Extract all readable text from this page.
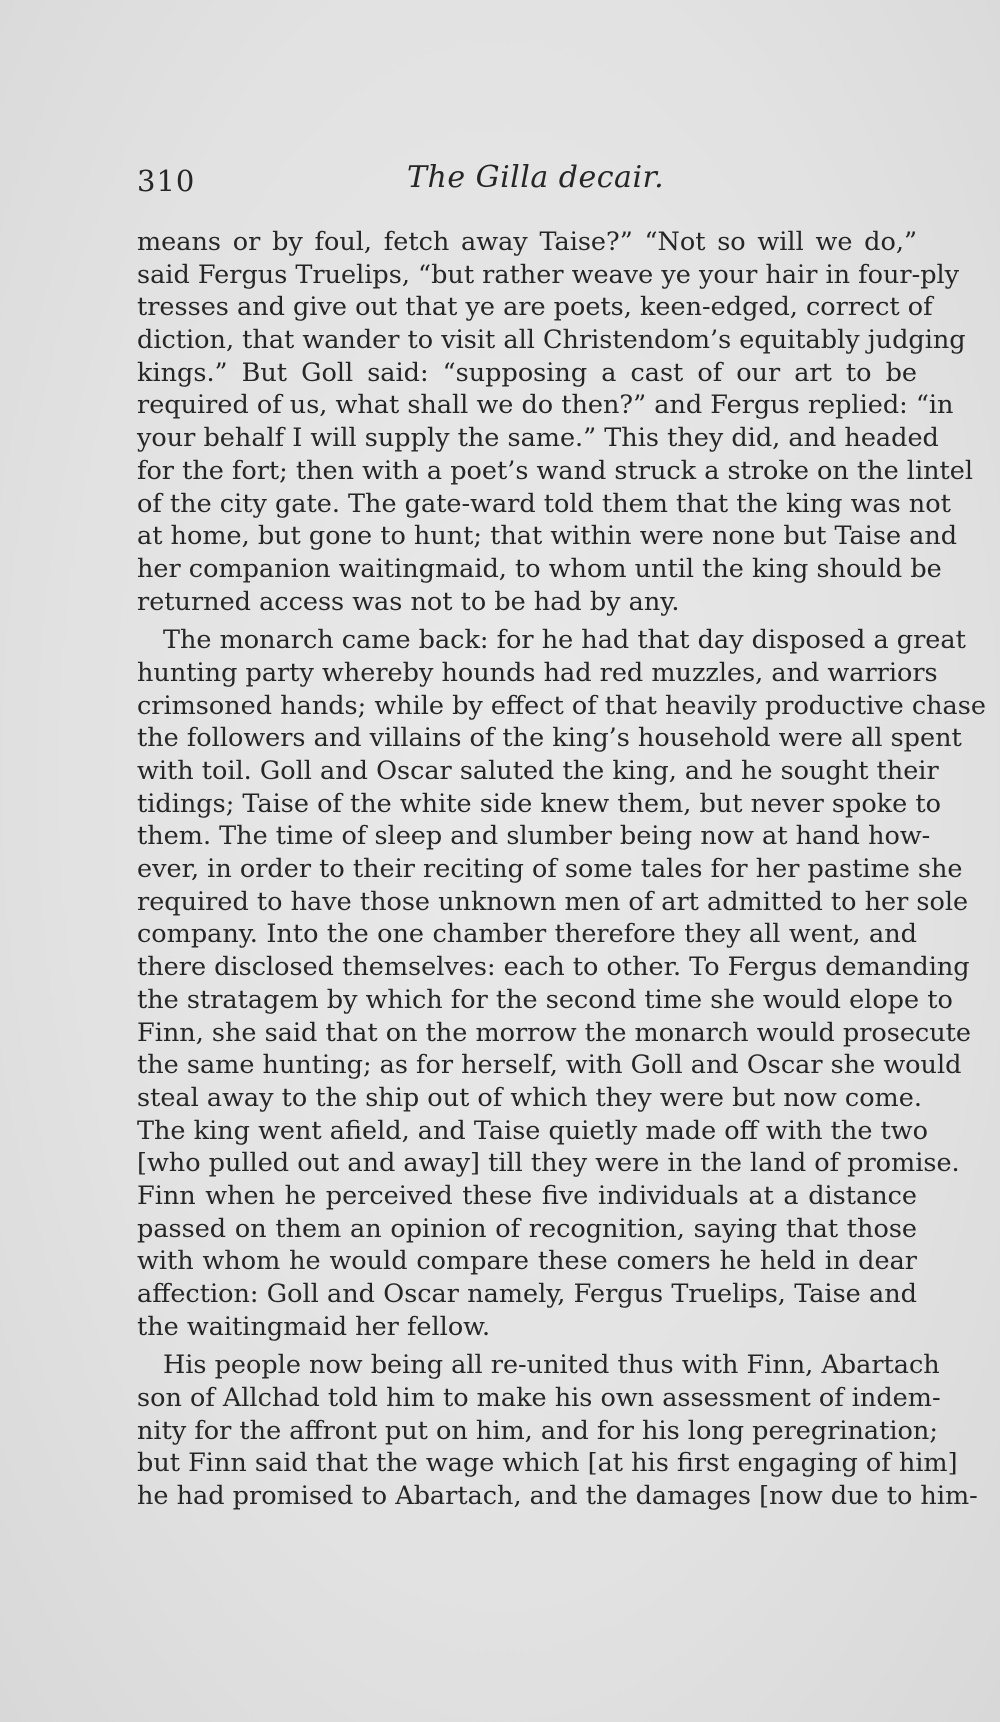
310	The Gilla decair.
means or by foul, fetch away Taise?” “Not so will we do,”
said Fergus Truelips, “but rather weave ye your hair in four-ply
tresses and give out that ye are poets, keen-edged, correct of
diction, that wander to visit all Christendom’s equitably judging
kings.” But Goll said: “supposing a cast of our art to be
required of us, what shall we do then?” and Fergus replied: “in
your behalf I will supply the same.” This they did, and headed
for the fort; then with a poet’s wand struck a stroke on the lintel
of the city gate. The gate-ward told them that the king was not
at home, but gone to hunt; that within were none but Taise and
her companion waitingmaid, to whom until the king should be
returned access was not to be had by any.
The monarch came back: for he had that day disposed a great
hunting party whereby hounds had red muzzles, and warriors
crimsoned hands; while by effect of that heavily productive chase
the followers and villains of the king’s household were all spent
with toil. Goll and Oscar saluted the king, and he sought their
tidings; Taise of the white side knew them, but never spoke to
them. The time of sleep and slumber being now at hand how-
ever, in order to their reciting of some tales for her pastime she
required to have those unknown men of art admitted to her sole
company. Into the one chamber therefore they all went, and
there disclosed themselves: each to other. To Fergus demanding
the stratagem by which for the second time she would elope to
Finn, she said that on the morrow the monarch would prosecute
the same hunting; as for herself, with Goll and Oscar she would
steal away to the ship out of which they were but now come.
The king went afield, and Taise quietly made off with the two
[who pulled out and away] till they were in the land of promise.
Finn when he perceived these five individuals at a distance
passed on them an opinion of recognition, saying that those
with whom he would compare these comers he held in dear
affection: Goll and Oscar namely, Fergus Truelips, Taise and
the waitingmaid her fellow.
His people now being all re-united thus with Finn, Abartach
son of Allchad told him to make his own assessment of indem-
nity for the affront put on him, and for his long peregrination;
but Finn said that the wage which [at his first engaging of him]
he had promised to Abartach, and the damages [now due to him-
